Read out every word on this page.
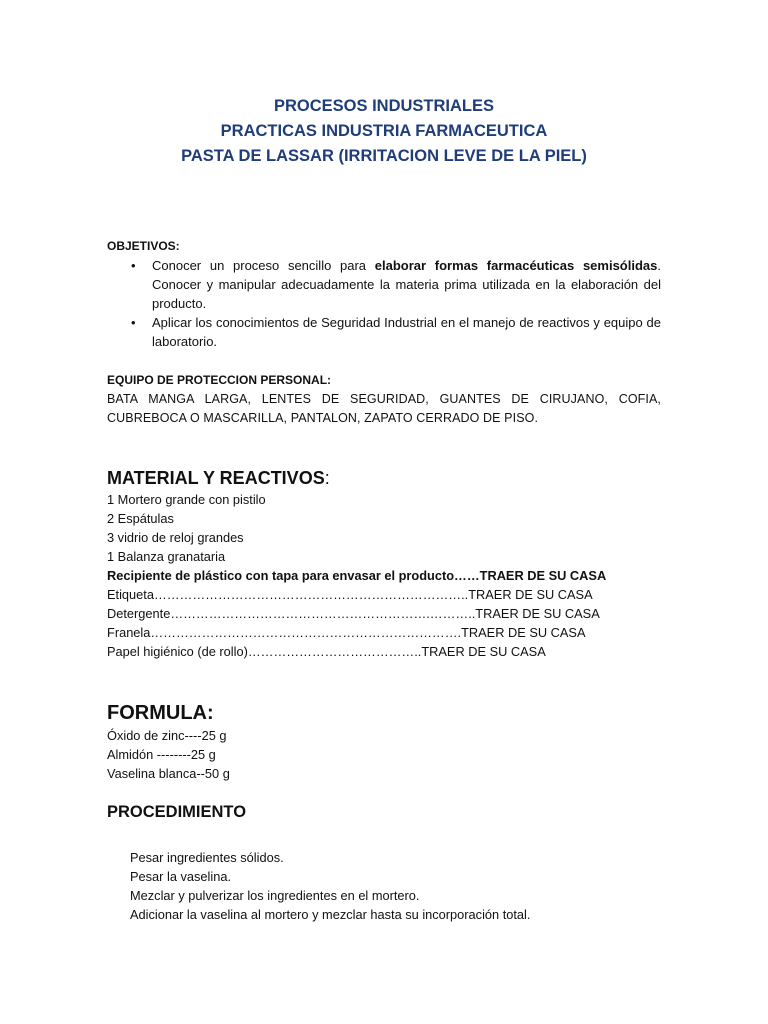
PROCESOS INDUSTRIALES
PRACTICAS INDUSTRIA FARMACEUTICA
PASTA DE LASSAR (IRRITACION LEVE DE LA PIEL)
OBJETIVOS:
• Conocer un proceso sencillo para elaborar formas farmacéuticas semisólidas. Conocer y manipular adecuadamente la materia prima utilizada en la elaboración del producto.
• Aplicar los conocimientos de Seguridad Industrial en el manejo de reactivos y equipo de laboratorio.
EQUIPO DE PROTECCION PERSONAL:
BATA MANGA LARGA, LENTES DE SEGURIDAD, GUANTES DE CIRUJANO, COFIA, CUBREBOCA O MASCARILLA, PANTALON, ZAPATO CERRADO DE PISO.
MATERIAL Y REACTIVOS:
1 Mortero grande con pistilo
2 Espátulas
3 vidrio de reloj grandes
1 Balanza granataria
Recipiente de plástico con tapa para envasar el producto……TRAER DE SU CASA
Etiqueta………………………………………………………………..TRAER DE SU CASA
Detergente…………………………………………………….………..TRAER DE SU CASA
Franela……………………………………………………………….TRAER DE SU CASA
Papel higiénico (de rollo)…………………………………..TRAER DE SU CASA
FORMULA:
Óxido de zinc----25 g
Almidón --------25 g
Vaselina blanca--50 g
PROCEDIMIENTO
Pesar ingredientes sólidos.
Pesar la vaselina.
Mezclar y pulverizar los ingredientes en el mortero.
Adicionar la vaselina al mortero y mezclar hasta su incorporación total.
